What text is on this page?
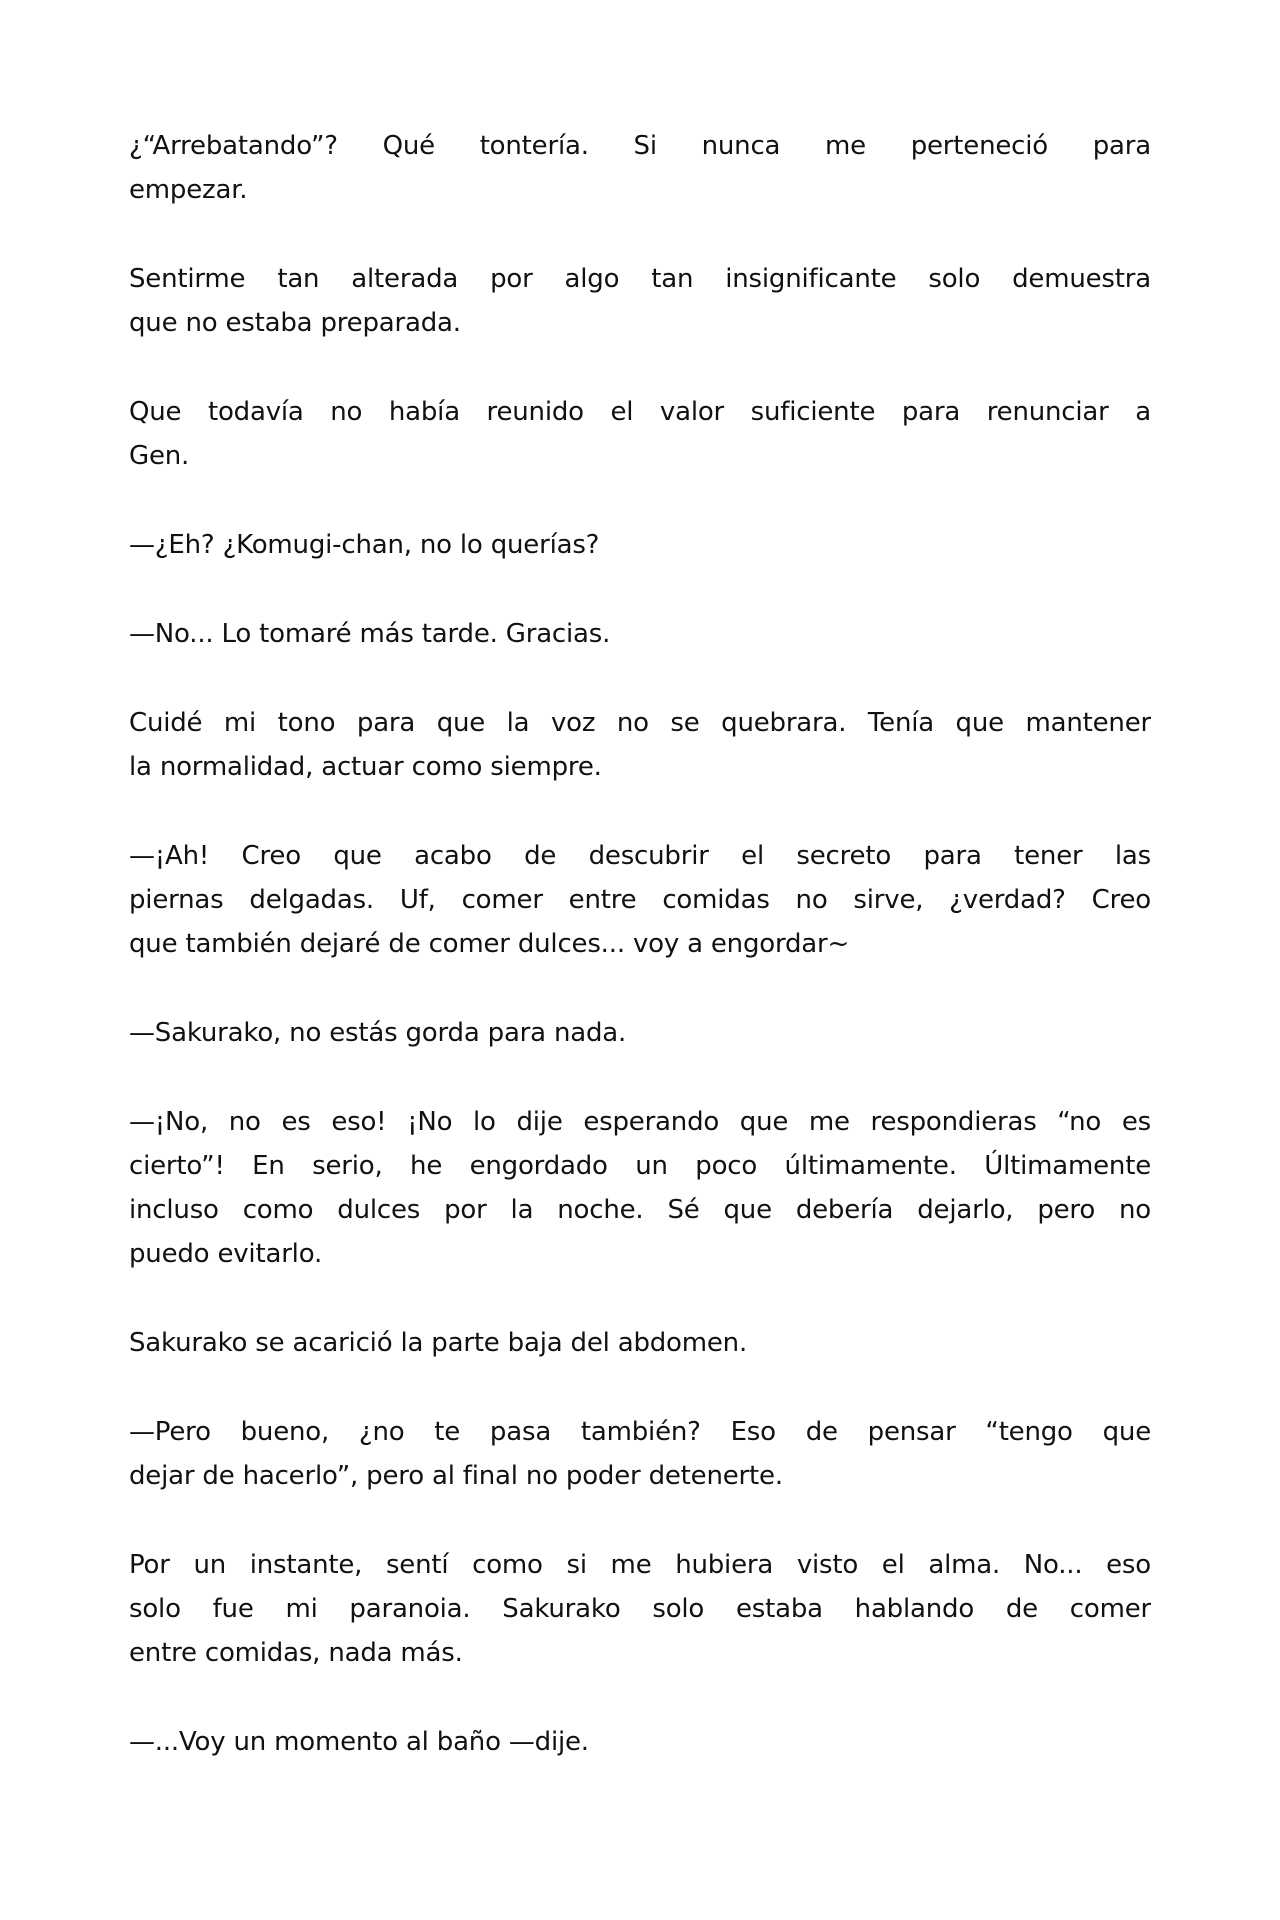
¿“Arrebatando”? Qué tontería. Si nunca me perteneció para
empezar.

Sentirme tan alterada por algo tan insignificante solo demuestra
que no estaba preparada.

Que todavía no había reunido el valor suficiente para renunciar a
Gen.

—¿Eh? ¿Komugi-chan, no lo querías?

—No... Lo tomaré más tarde. Gracias.

Cuidé mi tono para que la voz no se quebrara. Tenía que mantener
la normalidad, actuar como siempre.

—¡Ah! Creo que acabo de descubrir el secreto para tener las
piernas delgadas. Uf, comer entre comidas no sirve, ¿verdad? Creo
que también dejaré de comer dulces... voy a engordar~

—Sakurako, no estás gorda para nada.

—¡No, no es eso! ¡No lo dije esperando que me respondieras “no es
cierto”! En serio, he engordado un poco últimamente. Últimamente
incluso como dulces por la noche. Sé que debería dejarlo, pero no
puedo evitarlo.

Sakurako se acarició la parte baja del abdomen.

—Pero bueno, ¿no te pasa también? Eso de pensar “tengo que
dejar de hacerlo”, pero al final no poder detenerte.

Por un instante, sentí como si me hubiera visto el alma. No... eso
solo fue mi paranoia. Sakurako solo estaba hablando de comer
entre comidas, nada más.

—...Voy un momento al baño —dije.
